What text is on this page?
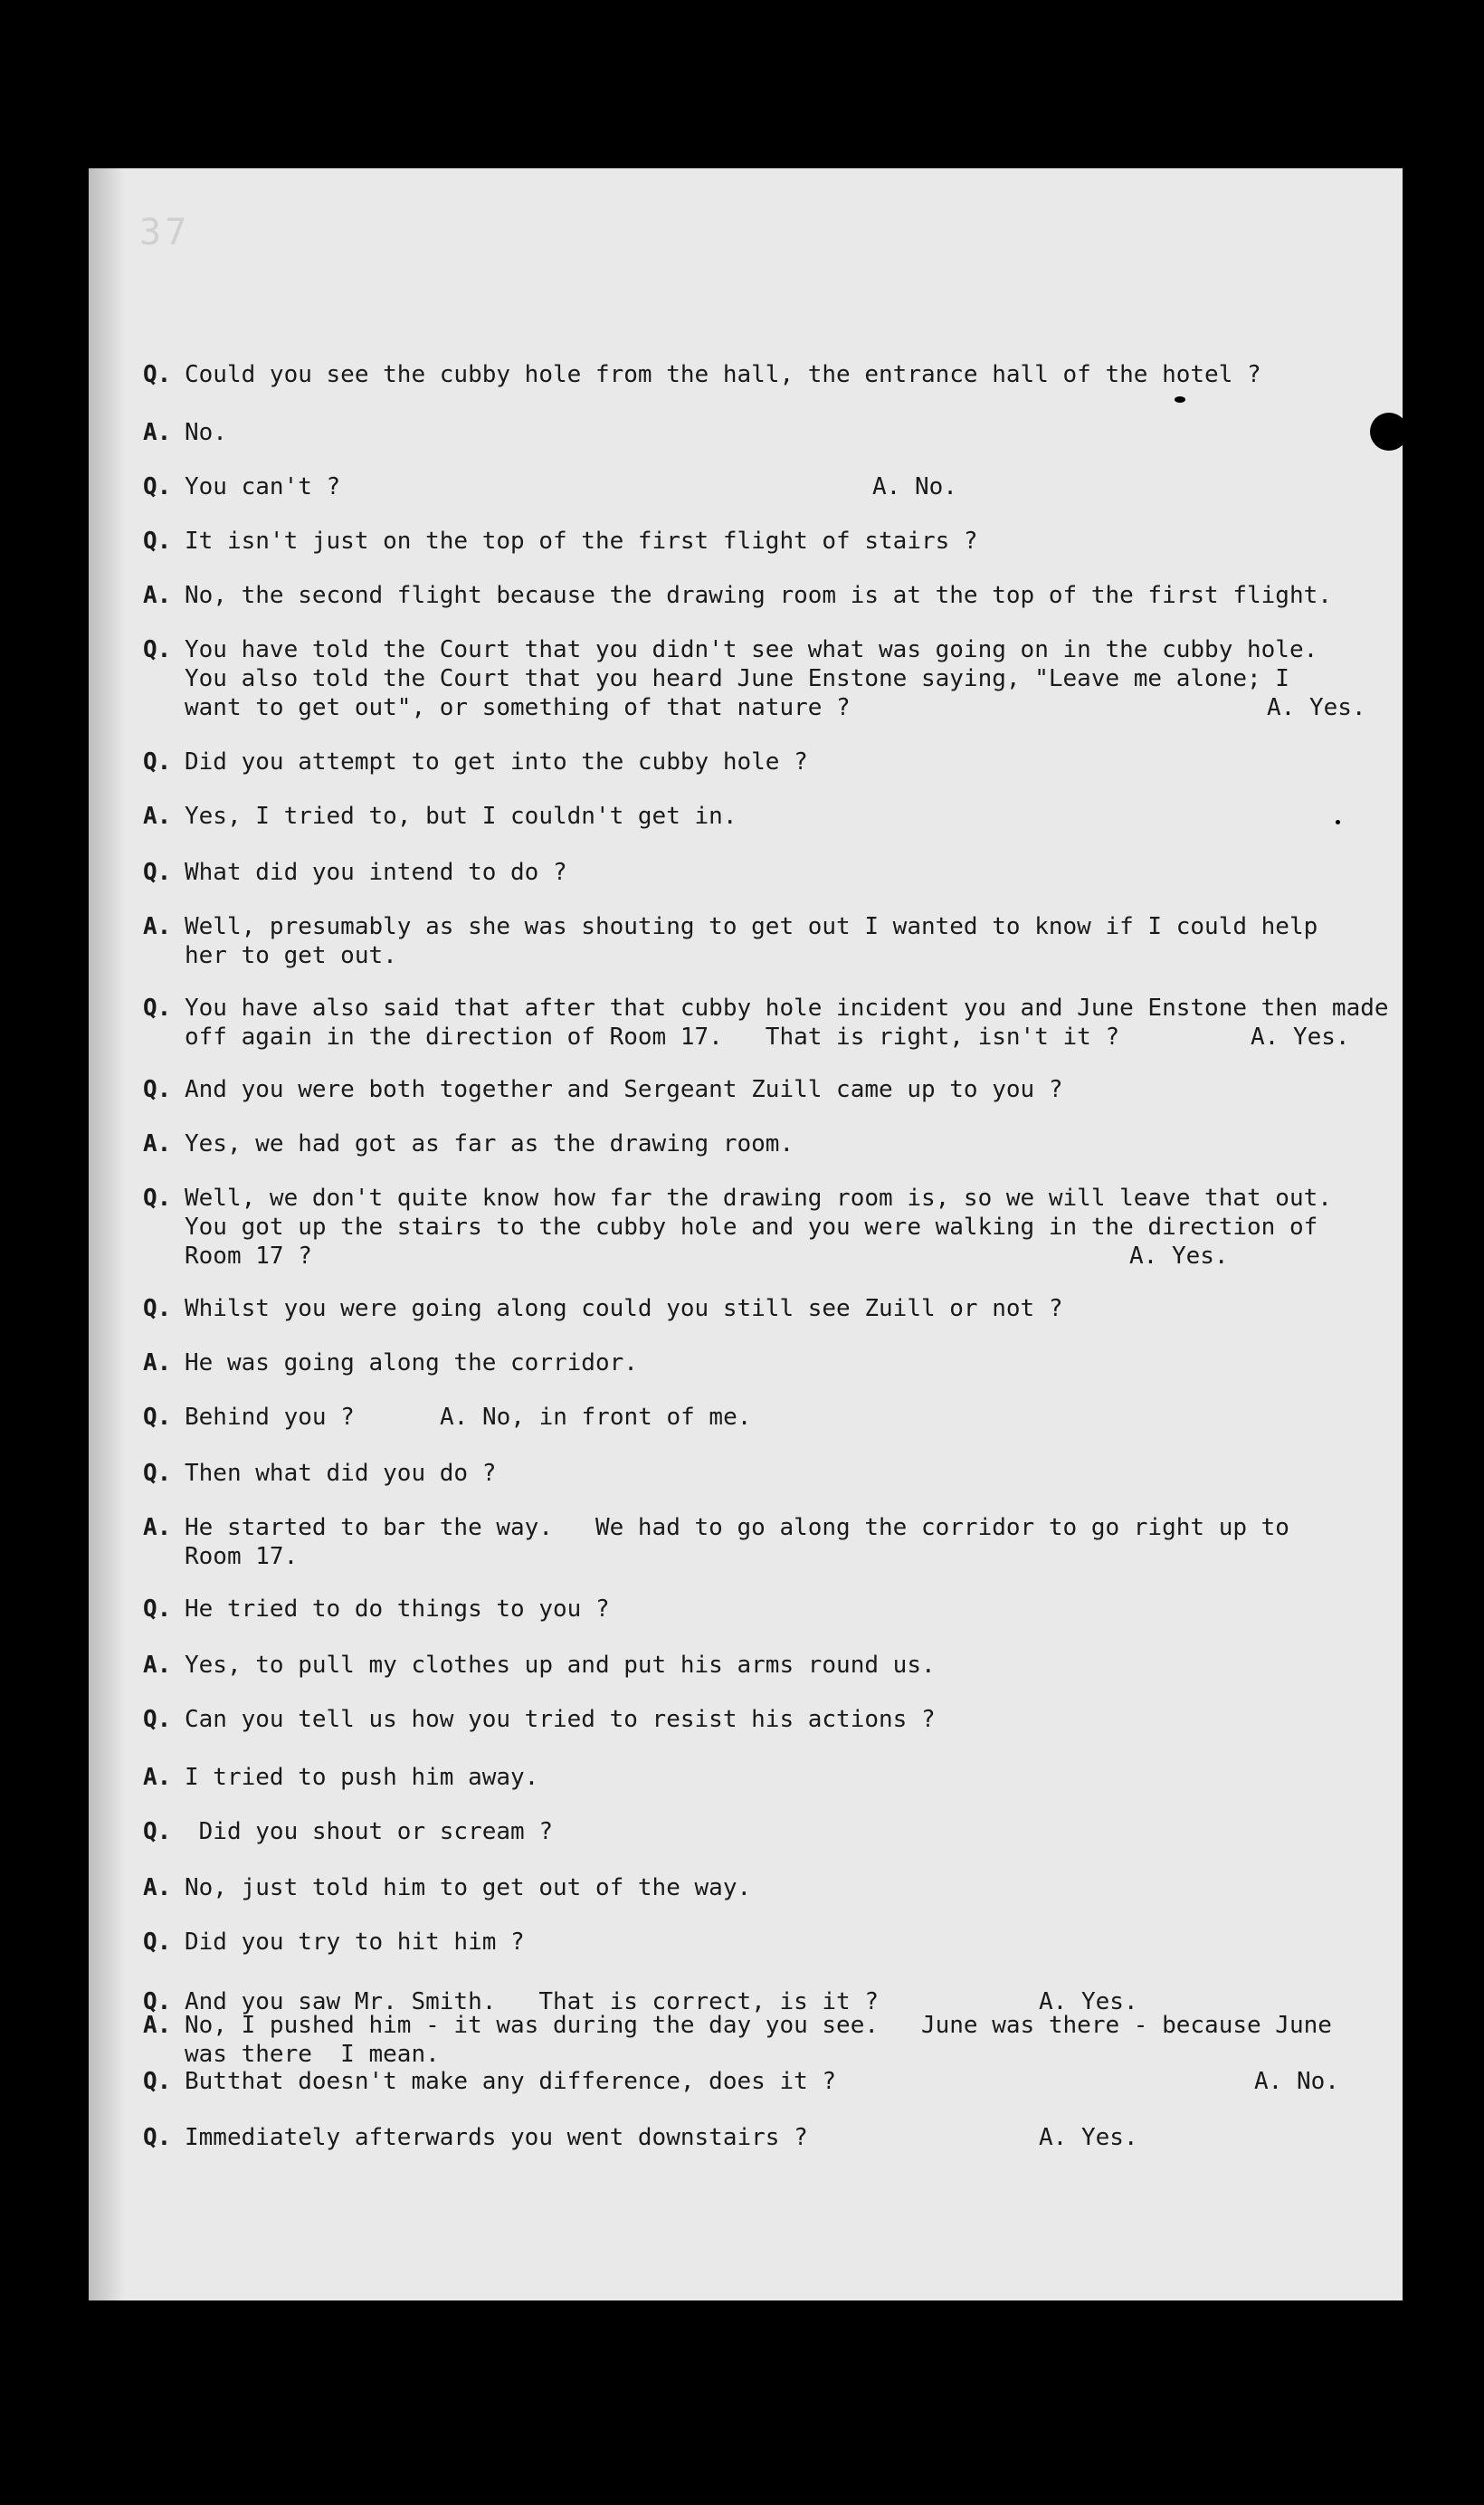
37
Q. Could you see the cubby hole from the hall, the entrance hall of the hotel ?
A. No.
Q. You can't ?	A. No.
Q. It isn't just on the top of the first flight of stairs ?
A. No, the second flight because the drawing room is at the top of the first flight.
Q. You have told the Court that you didn't see what was going on in the cubby hole.
You also told the Court that you heard June Enstone saying, "Leave me alone; I
want to get out", or something of that nature ?	A. Yes.
Q. Did you attempt to get into the cubby hole ?
A. Yes, I tried to, but I couldn't get in.
Q. What did you intend to do ?
A. Well, presumably as she was shouting to get out I wanted to know if I could help
her to get out.
Q. You have also said that after that cubby hole incident you and June Enstone then made
off again in the direction of Room 17.   That is right, isn't it ?	A. Yes.
Q. And you were both together and Sergeant Zuill came up to you ?
A. Yes, we had got as far as the drawing room.
Q. Well, we don't quite know how far the drawing room is, so we will leave that out.
You got up the stairs to the cubby hole and you were walking in the direction of
Room 17 ?	A. Yes.
Q. Whilst you were going along could you still see Zuill or not ?
A. He was going along the corridor.
Q. Behind you ?	A. No, in front of me.
Q. Then what did you do ?
A. He started to bar the way.   We had to go along the corridor to go right up to
Room 17.
Q. He tried to do things to you ?
A. Yes, to pull my clothes up and put his arms round us.
Q. Can you tell us how you tried to resist his actions ?
A. I tried to push him away.
Q. Did you shout or scream ?
A. No, just told him to get out of the way.
Q. Did you try to hit him ?
A. No, I pushed him - it was during the day you see.   June was there - because June
was there  I mean.
Q. Butthat doesn't make any difference, does it ?	A. No.
Q. Immediately afterwards you went downstairs ?	A. Yes.
Q. And you saw Mr. Smith.   That is correct, is it ?	A. Yes.
